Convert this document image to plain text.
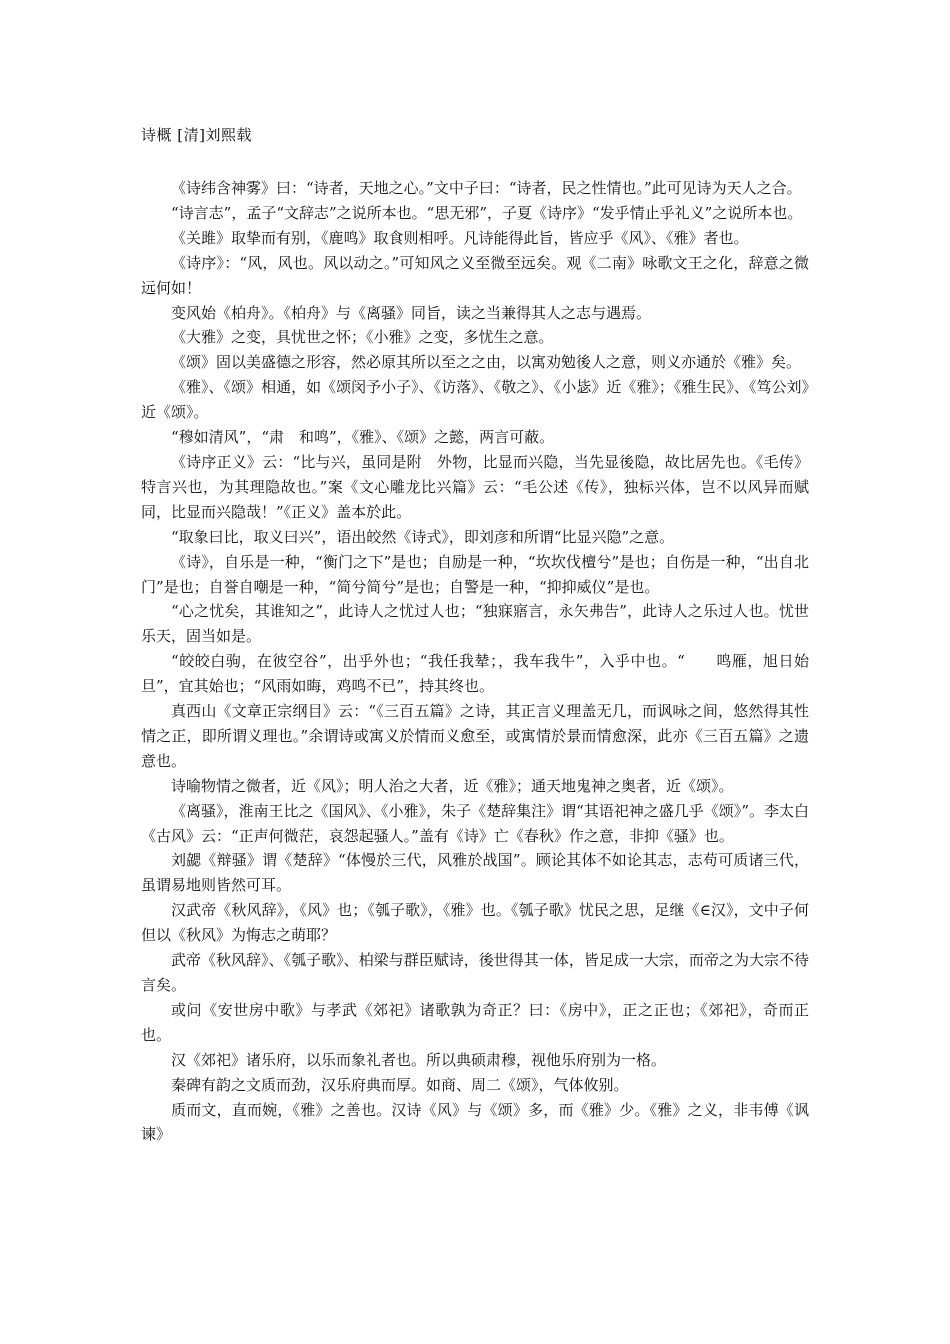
诗概 [清]刘熙载

《诗纬含神雾》曰：“诗者，天地之心。”文中子曰：“诗者，民之性情也。”此可见诗为天人之合。

“诗言志”，孟子“文辞志”之说所本也。“思无邪”，子夏《诗序》“发乎情止乎礼义”之说所本也。

《关雎》取挚而有别，《鹿鸣》取食则相呼。凡诗能得此旨，皆应乎《风》、《雅》者也。

《诗序》：“风，风也。风以动之。”可知风之义至微至远矣。观《二南》咏歌文王之化，辞意之微远何如！

变风始《柏舟》。《柏舟》与《离骚》同旨，读之当兼得其人之志与遇焉。

《大雅》之变，具忧世之怀；《小雅》之变，多忧生之意。

《颂》固以美盛德之形容，然必原其所以至之之由，以寓劝勉後人之意，则义亦通於《雅》矣。

《雅》、《颂》相通，如《颂闵予小子》、《访落》、《敬之》、《小毖》近《雅》；《雅生民》、《笃公刘》近《颂》。

“穆如清风”，“肃　和鸣”，《雅》、《颂》之懿，两言可蔽。

《诗序正义》云：“比与兴，虽同是附　外物，比显而兴隐，当先显後隐，故比居先也。《毛传》特言兴也，为其理隐故也。”案《文心雕龙比兴篇》云：“毛公述《传》，独标兴体，岂不以风异而赋同，比显而兴隐哉！”《正义》盖本於此。

“取象曰比，取义曰兴”，语出皎然《诗式》，即刘彦和所谓“比显兴隐”之意。

《诗》，自乐是一种，“衡门之下”是也；自励是一种，“坎坎伐檀兮”是也；自伤是一种，“出自北门”是也；自誉自嘲是一种，“简兮简兮”是也；自警是一种，“抑抑威仪”是也。

“心之忧矣，其谁知之”，此诗人之忧过人也；“独寐寤言，永矢弗告”，此诗人之乐过人也。忧世乐天，固当如是。

“皎皎白驹，在彼空谷”，出乎外也；“我任我辇；，我车我牛”，入乎中也。“　　鸣雁，旭日始旦”，宜其始也；“风雨如晦，鸡鸣不已”，持其终也。

真西山《文章正宗纲目》云：“《三百五篇》之诗，其正言义理盖无几，而讽咏之间，悠然得其性情之正，即所谓义理也。”余谓诗或寓义於情而义愈至，或寓情於景而情愈深，此亦《三百五篇》之遗意也。

诗喻物情之微者，近《风》；明人治之大者，近《雅》；通天地鬼神之奥者，近《颂》。

《离骚》，淮南王比之《国风》、《小雅》，朱子《楚辞集注》谓“其语祀神之盛几乎《颂》”。李太白《古风》云：“正声何微茫，哀怨起骚人。”盖有《诗》亡《春秋》作之意，非抑《骚》也。

刘勰《辩骚》谓《楚辞》“体慢於三代，风雅於战国”。顾论其体不如论其志，志苟可质诸三代，虽谓易地则皆然可耳。

汉武帝《秋风辞》，《风》也；《瓠子歌》，《雅》也。《瓠子歌》忧民之思，足继《∈汉》，文中子何但以《秋风》为悔志之萌耶？

武帝《秋风辞》、《瓠子歌》、柏梁与群臣赋诗，後世得其一体，皆足成一大宗，而帝之为大宗不待言矣。

或问《安世房中歌》与孝武《郊祀》诸歌孰为奇正？曰：《房中》，正之正也；《郊祀》，奇而正也。

汉《郊祀》诸乐府，以乐而象礼者也。所以典硕肃穆，视他乐府别为一格。

秦碑有韵之文质而劲，汉乐府典而厚。如商、周二《颂》，气体攸别。

质而文，直而婉，《雅》之善也。汉诗《风》与《颂》多，而《雅》少。《雅》之义，非韦傅《讽谏》
